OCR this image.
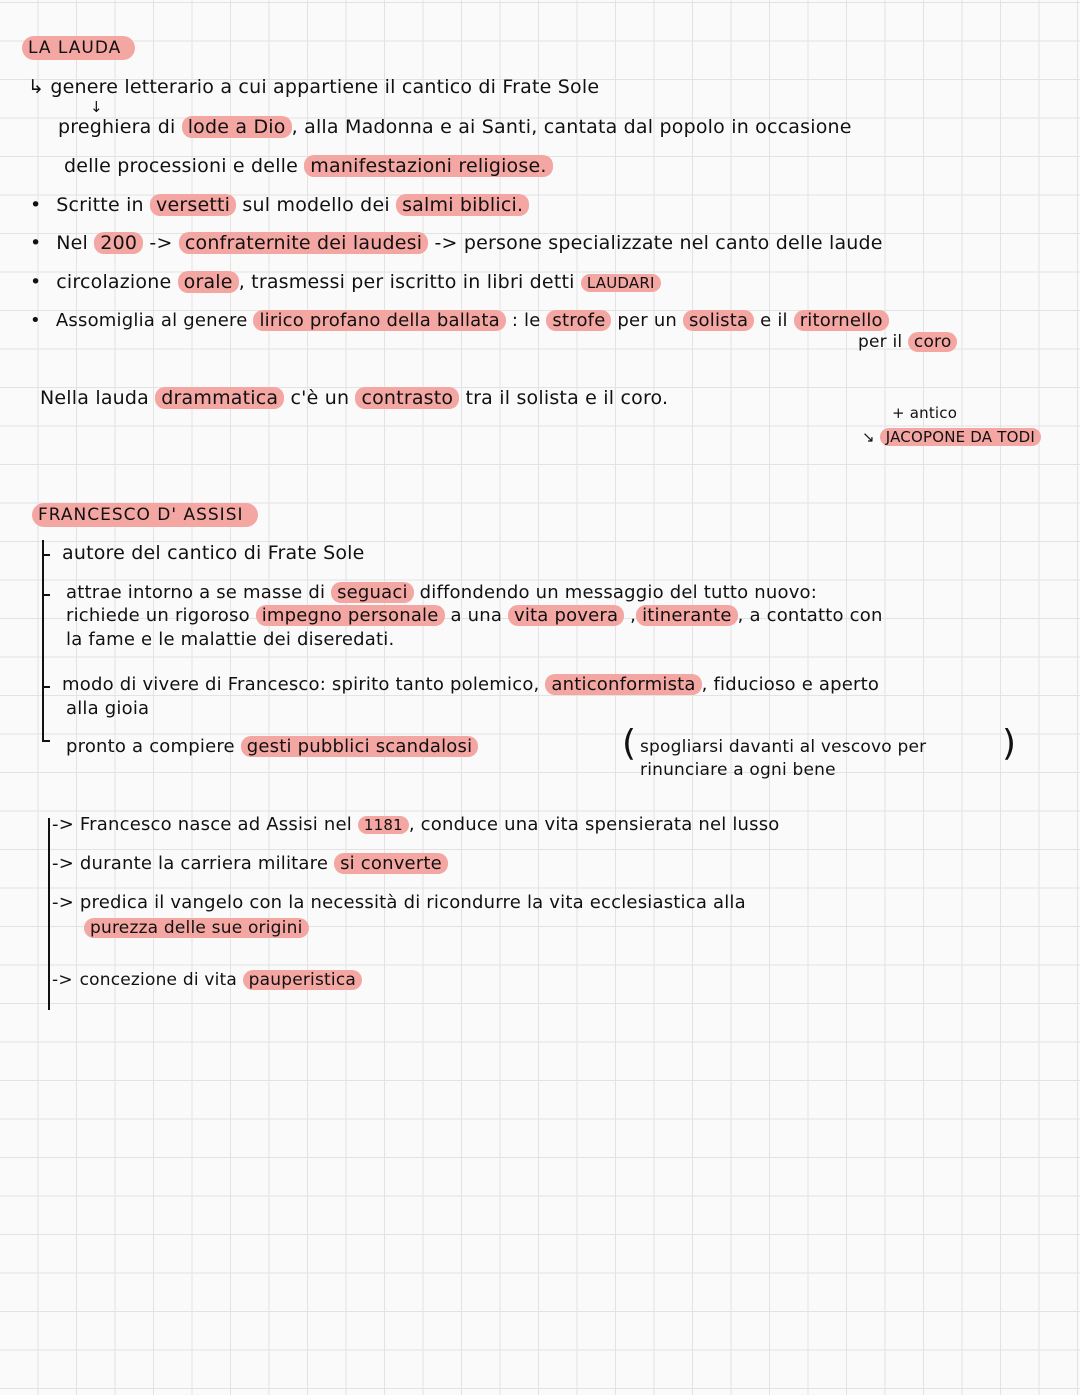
LA LAUDA
↳ genere letterario a cui appartiene il cantico di Frate Sole
↓
preghiera di lode a Dio , alla Madonna e ai Santi, cantata dal popolo in occasione
delle processioni e delle manifestazioni religiose.
• Scritte in versetti sul modello dei salmi biblici.
• Nel 200 -> confraternite dei laudesi -> persone specializzate nel canto delle laude
• circolazione orale , trasmessi per iscritto in libri detti LAUDARI
• Assomiglia al genere lirico profano della ballata : le strofe per un solista e il ritornello
per il coro
Nella lauda drammatica c'è un contrasto tra il solista e il coro.
+ antico
↘ JACOPONE DA TODI
FRANCESCO D' ASSISI
autore del cantico di Frate Sole
attrae intorno a se masse di seguaci diffondendo un messaggio del tutto nuovo:
richiede un rigoroso impegno personale a una vita povera , itinerante , a contatto con
la fame e le malattie dei diseredati.
modo di vivere di Francesco: spirito tanto polemico, anticonformista , fiducioso e aperto
alla gioia
pronto a compiere gesti pubblici scandalosi	( spogliarsi davanti al vescovo per
rinunciare a ogni bene
)
-> Francesco nasce ad Assisi nel 1181 , conduce una vita spensierata nel lusso
-> durante la carriera militare si converte
-> predica il vangelo con la necessità di ricondurre la vita ecclesiastica alla
purezza delle sue origini
-> concezione di vita pauperistica
